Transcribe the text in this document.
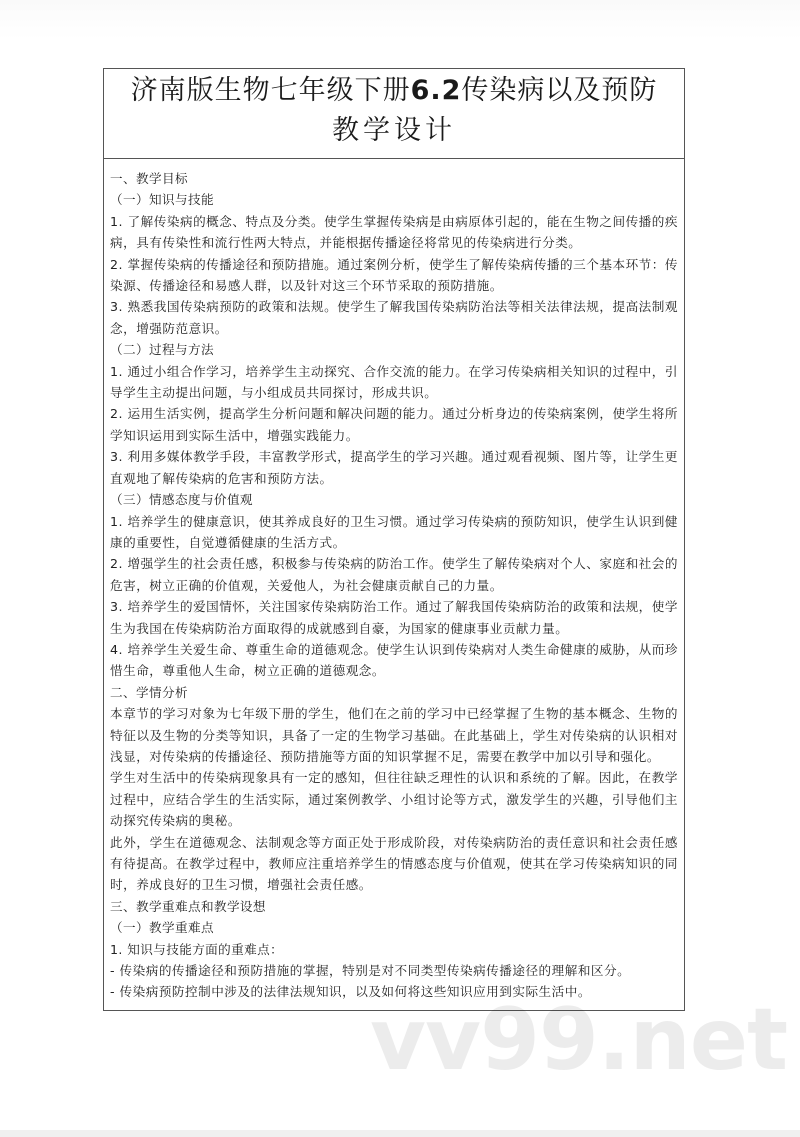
济南版生物七年级下册6.2传染病以及预防
教学设计

一、教学目标

（一）知识与技能

1. 了解传染病的概念、特点及分类。使学生掌握传染病是由病原体引起的，能在生物之间传播的疾病，具有传染性和流行性两大特点，并能根据传播途径将常见的传染病进行分类。

2. 掌握传染病的传播途径和预防措施。通过案例分析，使学生了解传染病传播的三个基本环节：传染源、传播途径和易感人群，以及针对这三个环节采取的预防措施。

3. 熟悉我国传染病预防的政策和法规。使学生了解我国传染病防治法等相关法律法规，提高法制观念，增强防范意识。

（二）过程与方法

1. 通过小组合作学习，培养学生主动探究、合作交流的能力。在学习传染病相关知识的过程中，引导学生主动提出问题，与小组成员共同探讨，形成共识。

2. 运用生活实例，提高学生分析问题和解决问题的能力。通过分析身边的传染病案例，使学生将所学知识运用到实际生活中，增强实践能力。

3. 利用多媒体教学手段，丰富教学形式，提高学生的学习兴趣。通过观看视频、图片等，让学生更直观地了解传染病的危害和预防方法。

（三）情感态度与价值观

1. 培养学生的健康意识，使其养成良好的卫生习惯。通过学习传染病的预防知识，使学生认识到健康的重要性，自觉遵循健康的生活方式。

2. 增强学生的社会责任感，积极参与传染病的防治工作。使学生了解传染病对个人、家庭和社会的危害，树立正确的价值观，关爱他人，为社会健康贡献自己的力量。

3. 培养学生的爱国情怀，关注国家传染病防治工作。通过了解我国传染病防治的政策和法规，使学生为我国在传染病防治方面取得的成就感到自豪，为国家的健康事业贡献力量。

4. 培养学生关爱生命、尊重生命的道德观念。使学生认识到传染病对人类生命健康的威胁，从而珍惜生命，尊重他人生命，树立正确的道德观念。

二、学情分析

本章节的学习对象为七年级下册的学生，他们在之前的学习中已经掌握了生物的基本概念、生物的特征以及生物的分类等知识，具备了一定的生物学习基础。在此基础上，学生对传染病的认识相对浅显，对传染病的传播途径、预防措施等方面的知识掌握不足，需要在教学中加以引导和强化。

学生对生活中的传染病现象具有一定的感知，但往往缺乏理性的认识和系统的了解。因此，在教学过程中，应结合学生的生活实际，通过案例教学、小组讨论等方式，激发学生的兴趣，引导他们主动探究传染病的奥秘。

此外，学生在道德观念、法制观念等方面正处于形成阶段，对传染病防治的责任意识和社会责任感有待提高。在教学过程中，教师应注重培养学生的情感态度与价值观，使其在学习传染病知识的同时，养成良好的卫生习惯，增强社会责任感。

三、教学重难点和教学设想

（一）教学重难点

1. 知识与技能方面的重难点：

- 传染病的传播途径和预防措施的掌握，特别是对不同类型传染病传播途径的理解和区分。

- 传染病预防控制中涉及的法律法规知识，以及如何将这些知识应用到实际生活中。

vv99.net
